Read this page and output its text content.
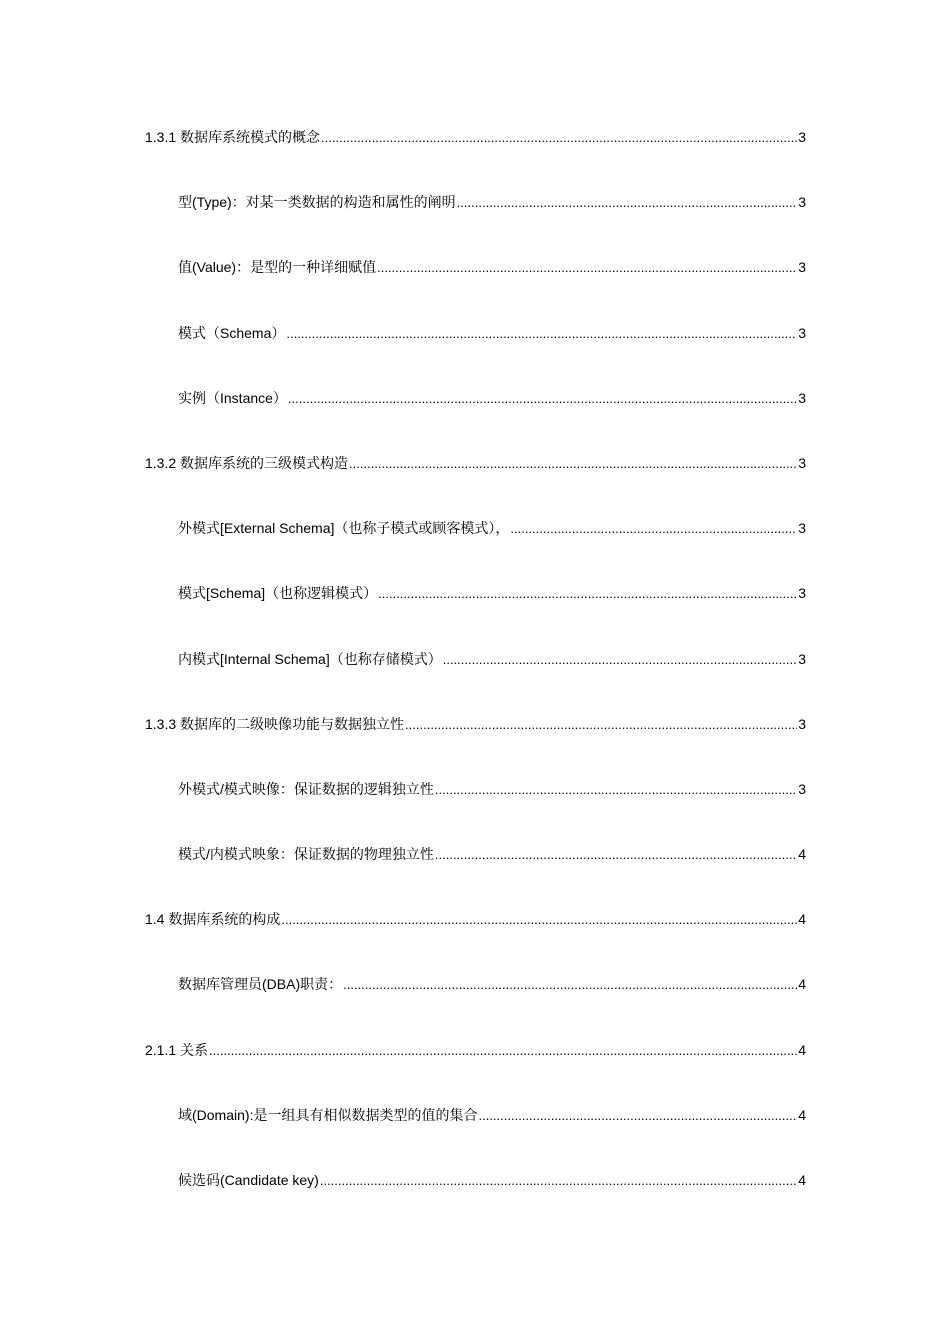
1.3.1 数据库系统模式的概念 .....	3
型(Type)：对某一类数据的构造和属性的阐明 .....	3
值(Value)：是型的一种详细赋值 .....	3
模式（Schema） .....	3
实例（Instance） .....	3
1.3.2 数据库系统的三级模式构造 .....	3
外模式[External Schema]（也称子模式或顾客模式）， .....	3
模式[Schema]（也称逻辑模式） .....	3
内模式[Internal Schema]（也称存储模式） .....	3
1.3.3 数据库的二级映像功能与数据独立性 .....	3
外模式/模式映像：保证数据的逻辑独立性 .....	3
模式/内模式映象：保证数据的物理独立性 .....	4
1.4 数据库系统的构成 .....	4
数据库管理员(DBA)职责： .....	4
2.1.1 关系 .....	4
域(Domain):是一组具有相似数据类型的值的集合 .....	4
候选码(Candidate key) .....	4
